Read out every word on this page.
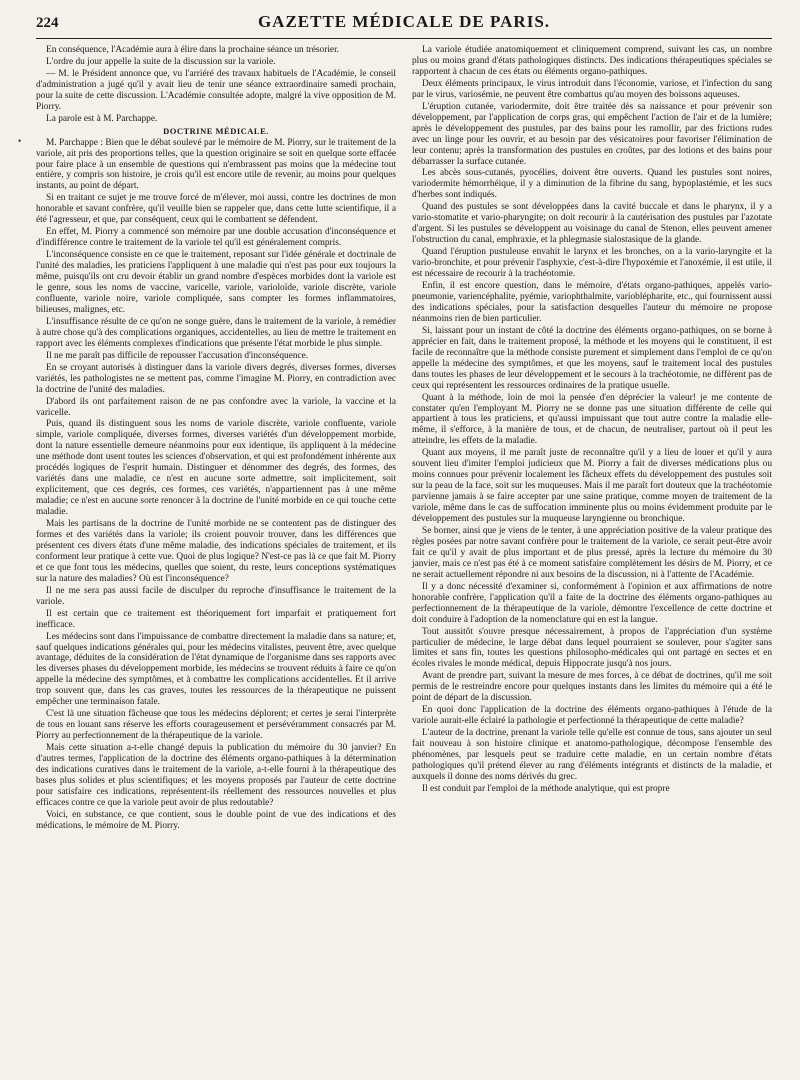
224	GAZETTE MÉDICALE DE PARIS.
•

En conséquence, l'Académie aura à élire dans la prochaine séance un trésorier.

L'ordre du jour appelle la suite de la discussion sur la variole.

— M. le Président annonce que, vu l'arriéré des travaux habituels de l'Académie, le conseil d'administration a jugé qu'il y avait lieu de tenir une séance extraordinaire samedi prochain, pour la suite de cette discussion. L'Académie consultée adopte, malgré la vive opposition de M. Piorry.

La parole est à M. Parchappe.

DOCTRINE MÉDICALE.

M. Parchappe : Bien que le débat soulevé par le mémoire de M. Piorry, sur le traitement de la variole, ait pris des proportions telles, que la question originaire se soit en quelque sorte effacée pour faire place à un ensemble de questions qui n'embrassent pas moins que la médecine tout entière, y compris son histoire, je crois qu'il est encore utile de revenir, au moins pour quelques instants, au point de départ.

Si en traitant ce sujet je me trouve forcé de m'élever, moi aussi, contre les doctrines de mon honorable et savant confrère, qu'il veuille bien se rappeler que, dans cette lutte scientifique, il a été l'agresseur, et que, par conséquent, ceux qui le combattent se défendent.

En effet, M. Piorry a commencé son mémoire par une double accusation d'inconséquence et d'indifférence contre le traitement de la variole tel qu'il est généralement compris.

L'inconséquence consiste en ce que le traitement, reposant sur l'idée générale et doctrinale de l'unité des maladies, les praticiens l'appliquent à une maladie qui n'est pas pour eux toujours la même, puisqu'ils ont cru devoir établir un grand nombre d'espèces morbides dont la variole est le genre, sous les noms de vaccine, varicelle, variole, varioloïde, variole discrète, variole confluente, variole noire, variole compliquée, sans compter les formes inflammatoires, bilieuses, malignes, etc.

L'insuffisance résulte de ce qu'on ne songe guère, dans le traitement de la variole, à remédier à autre chose qu'à des complications organiques, accidentelles, au lieu de mettre le traitement en rapport avec les éléments complexes d'indications que présente l'état morbide le plus simple.

Il ne me paraît pas difficile de repousser l'accusation d'inconséquence.

En se croyant autorisés à distinguer dans la variole divers degrés, diverses formes, diverses variétés, les pathologistes ne se mettent pas, comme l'imagine M. Piorry, en contradiction avec la doctrine de l'unité des maladies.

D'abord ils ont parfaitement raison de ne pas confondre avec la variole, la vaccine et la varicelle.

Puis, quand ils distinguent sous les noms de variole discrète, variole confluente, variole simple, variole compliquée, diverses formes, diverses variétés d'un développement morbide, dont la nature essentielle demeure néanmoins pour eux identique, ils appliquent à la médecine une méthode dont usent toutes les sciences d'observation, et qui est profondément inhérente aux procédés logiques de l'esprit humain. Distinguer et dénommer des degrés, des formes, des variétés dans une maladie, ce n'est en aucune sorte admettre, soit implicitement, soit explicitement, que ces degrés, ces formes, ces variétés, n'appartiennent pas à une même maladie; ce n'est en aucune sorte renoncer à la doctrine de l'unité morbide en ce qui touche cette maladie.

Mais les partisans de la doctrine de l'unité morbide ne se contentent pas de distinguer des formes et des variétés dans la variole; ils croient pouvoir trouver, dans les différences que présentent ces divers états d'une même maladie, des indications spéciales de traitement, et ils conforment leur pratique à cette vue. Quoi de plus logique? N'est-ce pas là ce que fait M. Piorry et ce que font tous les médecins, quelles que soient, du reste, leurs conceptions systématiques sur la nature des maladies? Où est l'inconséquence?

Il ne me sera pas aussi facile de disculper du reproche d'insuffisance le traitement de la variole.

Il est certain que ce traitement est théoriquement fort imparfait et pratiquement fort inefficace.

Les médecins sont dans l'impuissance de combattre directement la maladie dans sa nature; et, sauf quelques indications générales qui, pour les médecins vitalistes, peuvent être, avec quelque avantage, déduites de la considération de l'état dynamique de l'organisme dans ses rapports avec les diverses phases du développement morbide, les médecins se trouvent réduits à faire ce qu'on appelle la médecine des symptômes, et à combattre les complications accidentelles. Et il arrive trop souvent que, dans les cas graves, toutes les ressources de la thérapeutique ne puissent empêcher une terminaison fatale.

C'est là une situation fâcheuse que tous les médecins déplorent; et certes je serai l'interprète de tous en louant sans réserve les efforts courageusement et persévéramment consacrés par M. Piorry au perfectionnement de la thérapeutique de la variole.

Mais cette situation a-t-elle changé depuis la publication du mémoire du 30 janvier? En d'autres termes, l'application de la doctrine des éléments organo-pathiques à la détermination des indications curatives dans le traitement de la variole, a-t-elle fourni à la thérapeutique des bases plus solides et plus scientifiques; et les moyens proposés par l'auteur de cette doctrine pour satisfaire ces indications, représentent-ils réellement des ressources nouvelles et plus efficaces contre ce que la variole peut avoir de plus redoutable?

Voici, en substance, ce que contient, sous le double point de vue des indications et des médications, le mémoire de M. Piorry.

La variole étudiée anatomiquement et cliniquement comprend, suivant les cas, un nombre plus ou moins grand d'états pathologiques distincts. Des indications thérapeutiques spéciales se rapportent à chacun de ces états ou éléments organo-pathiques.

Deux éléments principaux, le virus introduit dans l'économie, variose, et l'infection du sang par le virus, variosémie, ne peuvent être combattus qu'au moyen des boissons aqueuses.

L'éruption cutanée, variodermite, doit être traitée dès sa naissance et pour prévenir son développement, par l'application de corps gras, qui empêchent l'action de l'air et de la lumière; après le développement des pustules, par des bains pour les ramollir, par des frictions rudes avec un linge pour les ouvrir, et au besoin par des vésicatoires pour favoriser l'élimination de leur contenu; après la transformation des pustules en croûtes, par des lotions et des bains pour débarrasser la surface cutanée.

Les abcès sous-cutanés, pyocélies, doivent être ouverts. Quand les pustules sont noires, variodermite hémorrhéique, il y a diminution de la fibrine du sang, hypoplastémie, et les sucs d'herbes sont indiqués.

Quand des pustules se sont développées dans la cavité buccale et dans le pharynx, il y a vario-stomatite et vario-pharyngite; on doit recourir à la cautérisation des pustules par l'azotate d'argent. Si les pustules se développent au voisinage du canal de Stenon, elles peuvent amener l'obstruction du canal, emphraxie, et la phlegmasie sialostasique de la glande.

Quand l'éruption pustuleuse envahit le larynx et les bronches, on a la vario-laryngite et la vario-bronchite, et pour prévenir l'asphyxie, c'est-à-dire l'hypoxémie et l'anoxémie, il est utile, il est nécessaire de recourir à la trachéotomie.

Enfin, il est encore question, dans le mémoire, d'états organo-pathiques, appelés vario-pneumonie, variencéphalite, pyémie, variophthalmite, varioblépharite, etc., qui fournissent aussi des indications spéciales, pour la satisfaction desquelles l'auteur du mémoire ne propose néanmoins rien de bien particulier.

Si, laissant pour un instant de côté la doctrine des éléments organo-pathiques, on se borne à apprécier en fait, dans le traitement proposé, la méthode et les moyens qui le constituent, il est facile de reconnaître que la méthode consiste purement et simplement dans l'emploi de ce qu'on appelle la médecine des symptômes, et que les moyens, sauf le traitement local des pustules dans toutes les phases de leur développement et le secours à la trachéotomie, ne diffèrent pas de ceux qui représentent les ressources ordinaires de la pratique usuelle.

Quant à la méthode, loin de moi la pensée d'en déprécier la valeur! je me contente de constater qu'en l'employant M. Piorry ne se donne pas une situation différente de celle qui appartient à tous les praticiens, et qu'aussi impuissant que tout autre contre la maladie elle-même, il s'efforce, à la manière de tous, et de chacun, de neutraliser, partout où il peut les atteindre, les effets de la maladie.

Quant aux moyens, il me paraît juste de reconnaître qu'il y a lieu de louer et qu'il y aura souvent lieu d'imiter l'emploi judicieux que M. Piorry a fait de diverses médications plus ou moins connues pour prévenir localement les fâcheux effets du développement des pustules soit sur la peau de la face, soit sur les muqueuses. Mais il me paraît fort douteux que la trachéotomie parvienne jamais à se faire accepter par une saine pratique, comme moyen de traitement de la variole, même dans le cas de suffocation imminente plus ou moins évidemment produite par le développement des pustules sur la muqueuse laryngienne ou bronchique.

Se borner, ainsi que je viens de le tenter, à une appréciation positive de la valeur pratique des règles posées par notre savant confrère pour le traitement de la variole, ce serait peut-être avoir fait ce qu'il y avait de plus important et de plus pressé, après la lecture du mémoire du 30 janvier, mais ce n'est pas été à ce moment satisfaire complètement les désirs de M. Piorry, et ce ne serait actuellement répondre ni aux besoins de la discussion, ni à l'attente de l'Académie.

Il y a donc nécessité d'examiner si, conformément à l'opinion et aux affirmations de notre honorable confrère, l'application qu'il a faite de la doctrine des éléments organo-pathiques au perfectionnement de la thérapeutique de la variole, démontre l'excellence de cette doctrine et doit conduire à l'adoption de la nomenclature qui en est la langue.

Tout aussitôt s'ouvre presque nécessairement, à propos de l'appréciation d'un système particulier de médecine, le large débat dans lequel pourraient se soulever, pour s'agiter sans limites et sans fin, toutes les questions philosopho-médicales qui ont partagé en sectes et en écoles rivales le monde médical, depuis Hippocrate jusqu'à nos jours.

Avant de prendre part, suivant la mesure de mes forces, à ce débat de doctrines, qu'il me soit permis de le restreindre encore pour quelques instants dans les limites du mémoire qui a été le point de départ de la discussion.

En quoi donc l'application de la doctrine des éléments organo-pathiques à l'étude de la variole aurait-elle éclairé la pathologie et perfectionné la thérapeutique de cette maladie?

L'auteur de la doctrine, prenant la variole telle qu'elle est connue de tous, sans ajouter un seul fait nouveau à son histoire clinique et anatomo-pathologique, décompose l'ensemble des phénomènes, par lesquels peut se traduire cette maladie, en un certain nombre d'états pathologiques qu'il prétend élever au rang d'éléments intégrants et distincts de la maladie, et auxquels il donne des noms dérivés du grec.

Il est conduit par l'emploi de la méthode analytique, qui est propre
